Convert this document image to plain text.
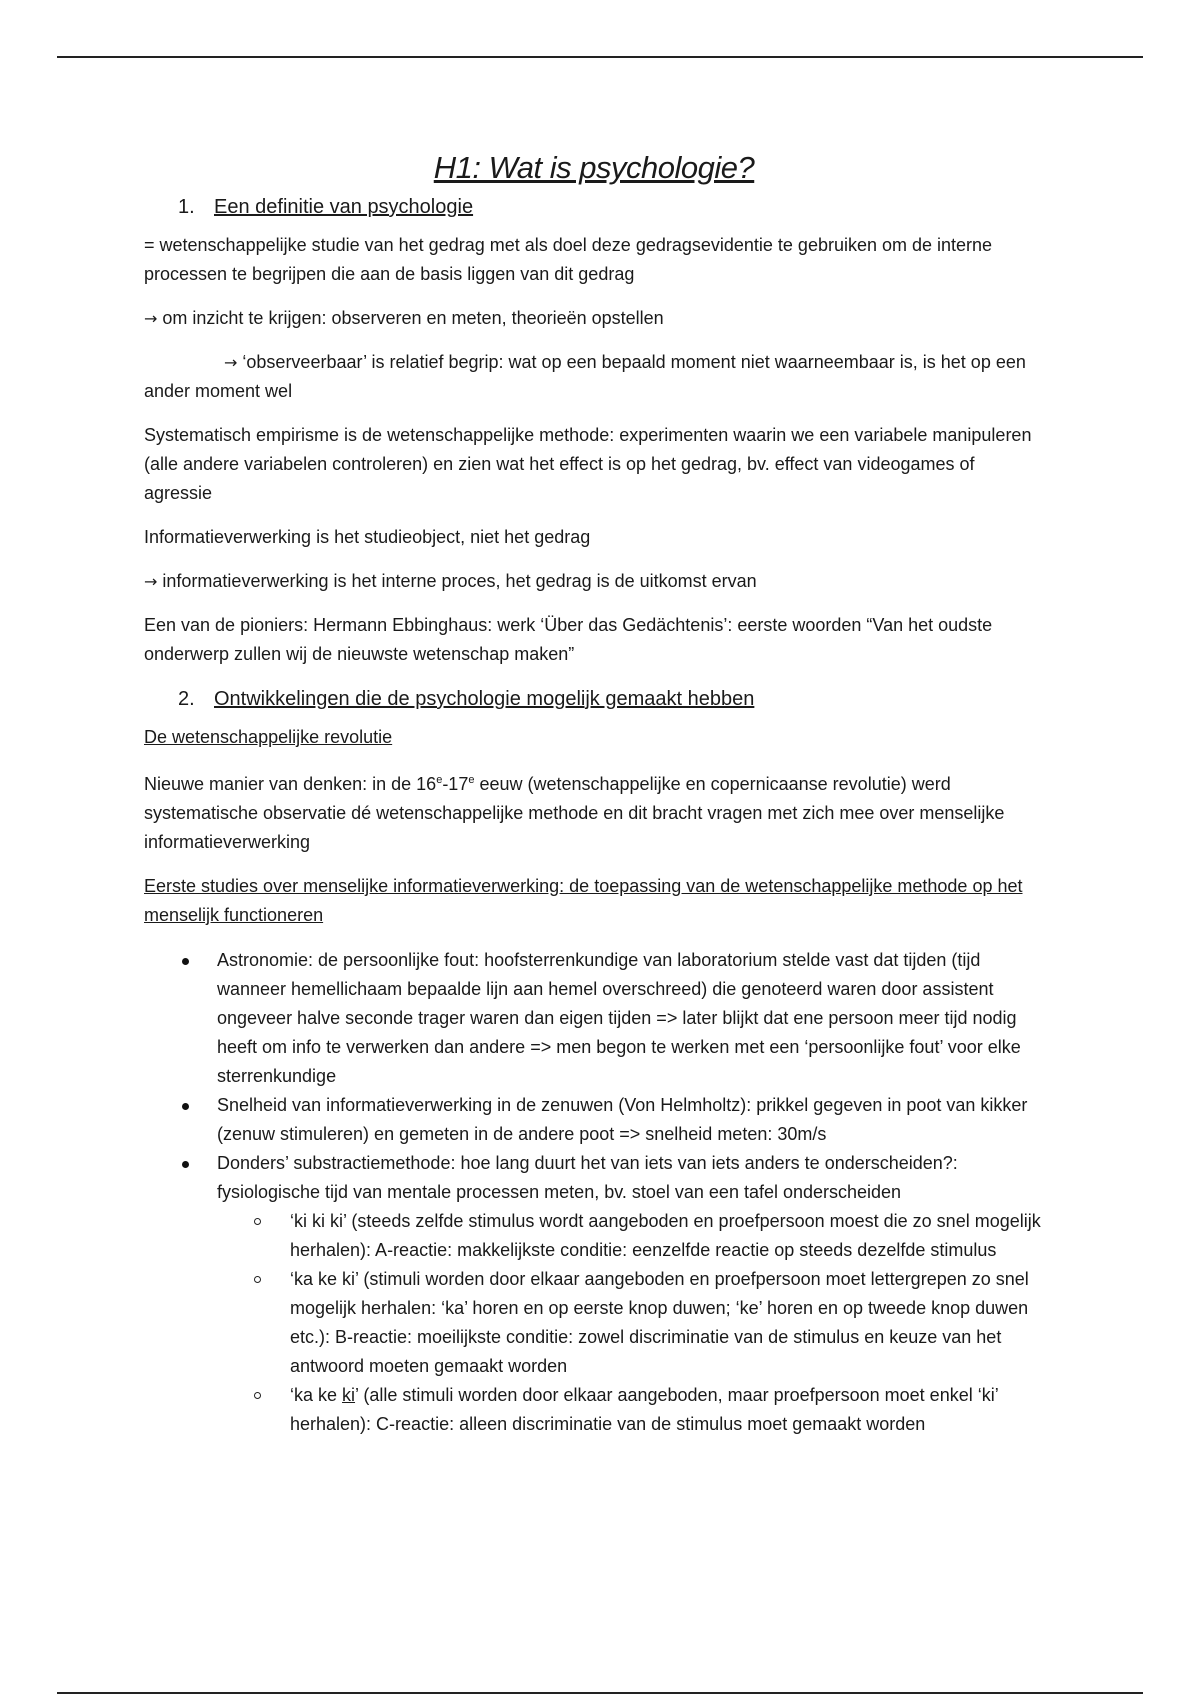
H1: Wat is psychologie?
1. Een definitie van psychologie

= wetenschappelijke studie van het gedrag met als doel deze gedragsevidentie te gebruiken om de interne processen te begrijpen die aan de basis liggen van dit gedrag

→ om inzicht te krijgen: observeren en meten, theorieën opstellen

→ ‘observeerbaar’ is relatief begrip: wat op een bepaald moment niet waarneembaar is, is het op een ander moment wel

Systematisch empirisme is de wetenschappelijke methode: experimenten waarin we een variabele manipuleren (alle andere variabelen controleren) en zien wat het effect is op het gedrag, bv. effect van videogames of agressie

Informatieverwerking is het studieobject, niet het gedrag

→ informatieverwerking is het interne proces, het gedrag is de uitkomst ervan

Een van de pioniers: Hermann Ebbinghaus: werk ‘Über das Gedächtenis’: eerste woorden “Van het oudste onderwerp zullen wij de nieuwste wetenschap maken”

2. Ontwikkelingen die de psychologie mogelijk gemaakt hebben
De wetenschappelijke revolutie

Nieuwe manier van denken: in de 16e-17e eeuw (wetenschappelijke en copernicaanse revolutie) werd systematische observatie dé wetenschappelijke methode en dit bracht vragen met zich mee over menselijke informatieverwerking

Eerste studies over menselijke informatieverwerking: de toepassing van de wetenschappelijke methode op het menselijk functioneren
Astronomie: de persoonlijke fout: hoofsterrenkundige van laboratorium stelde vast dat tijden (tijd wanneer hemellichaam bepaalde lijn aan hemel overschreed) die genoteerd waren door assistent ongeveer halve seconde trager waren dan eigen tijden => later blijkt dat ene persoon meer tijd nodig heeft om info te verwerken dan andere => men begon te werken met een ‘persoonlijke fout’ voor elke sterrenkundige
Snelheid van informatieverwerking in de zenuwen (Von Helmholtz): prikkel gegeven in poot van kikker (zenuw stimuleren) en gemeten in de andere poot => snelheid meten: 30m/s
Donders’ substractiemethode: hoe lang duurt het van iets van iets anders te onderscheiden?: fysiologische tijd van mentale processen meten, bv. stoel van een tafel onderscheiden
‘ki ki ki’ (steeds zelfde stimulus wordt aangeboden en proefpersoon moest die zo snel mogelijk herhalen): A-reactie: makkelijkste conditie: eenzelfde reactie op steeds dezelfde stimulus
‘ka ke ki’ (stimuli worden door elkaar aangeboden en proefpersoon moet lettergrepen zo snel mogelijk herhalen: ‘ka’ horen en op eerste knop duwen; ‘ke’ horen en op tweede knop duwen etc.): B-reactie: moeilijkste conditie: zowel discriminatie van de stimulus en keuze van het antwoord moeten gemaakt worden
‘ka ke ki’ (alle stimuli worden door elkaar aangeboden, maar proefpersoon moet enkel ‘ki’ herhalen): C-reactie: alleen discriminatie van de stimulus moet gemaakt worden
